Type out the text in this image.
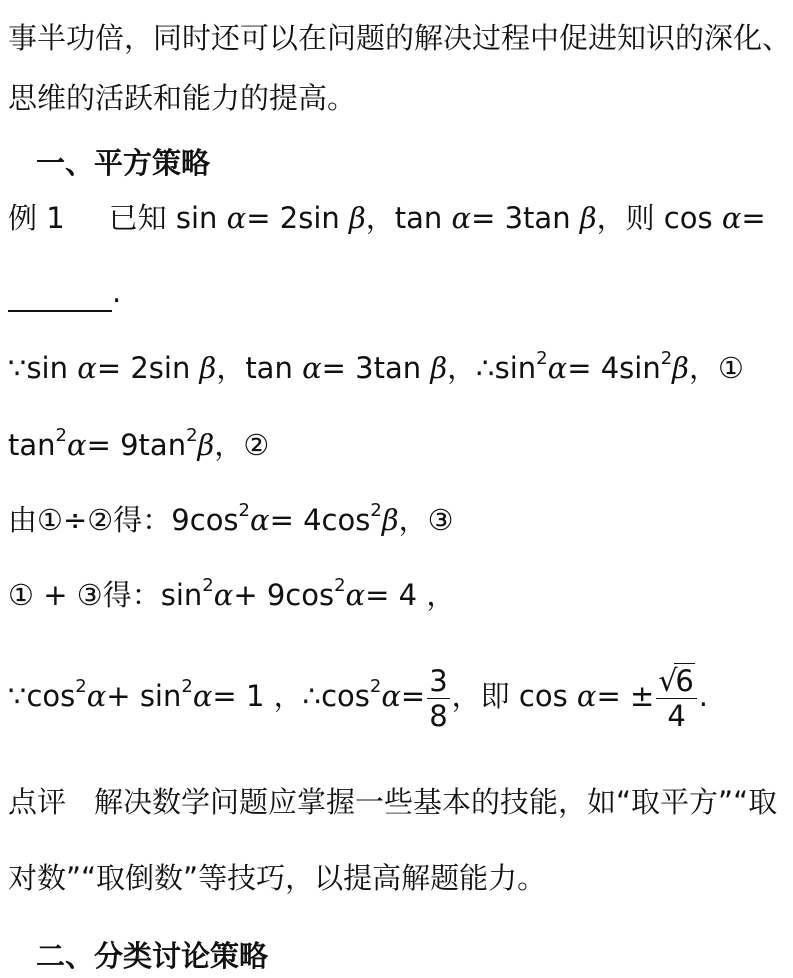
事半功倍，同时还可以在问题的解决过程中促进知识的深化、
思维的活跃和能力的提高。
一、平方策略
例 1 已知 sin α= 2sin β，tan α= 3tan β，则 cos α=
.
∵sin α= 2sin β，tan α= 3tan β，$\therefore\sin^2\alpha= 4\sin^2\beta$，①
$\tan^2\alpha= 9\tan^2\beta$，②
由①÷②得：$9\cos^2\alpha= 4\cos^2\beta$，③
① + ③得：$\sin^2\alpha+ 9\cos^2\alpha= 4$ ，
$\because\cos^2\alpha+ \sin^2\alpha= 1$ ，$\therefore\cos^2\alpha= \frac{3}{8}$ ，即 cos α= ± √
6
4 .
点评 解决数学问题应掌握一些基本的技能，如“取平方”“取
对数”“取倒数”等技巧，以提高解题能力。
二、分类讨论策略
